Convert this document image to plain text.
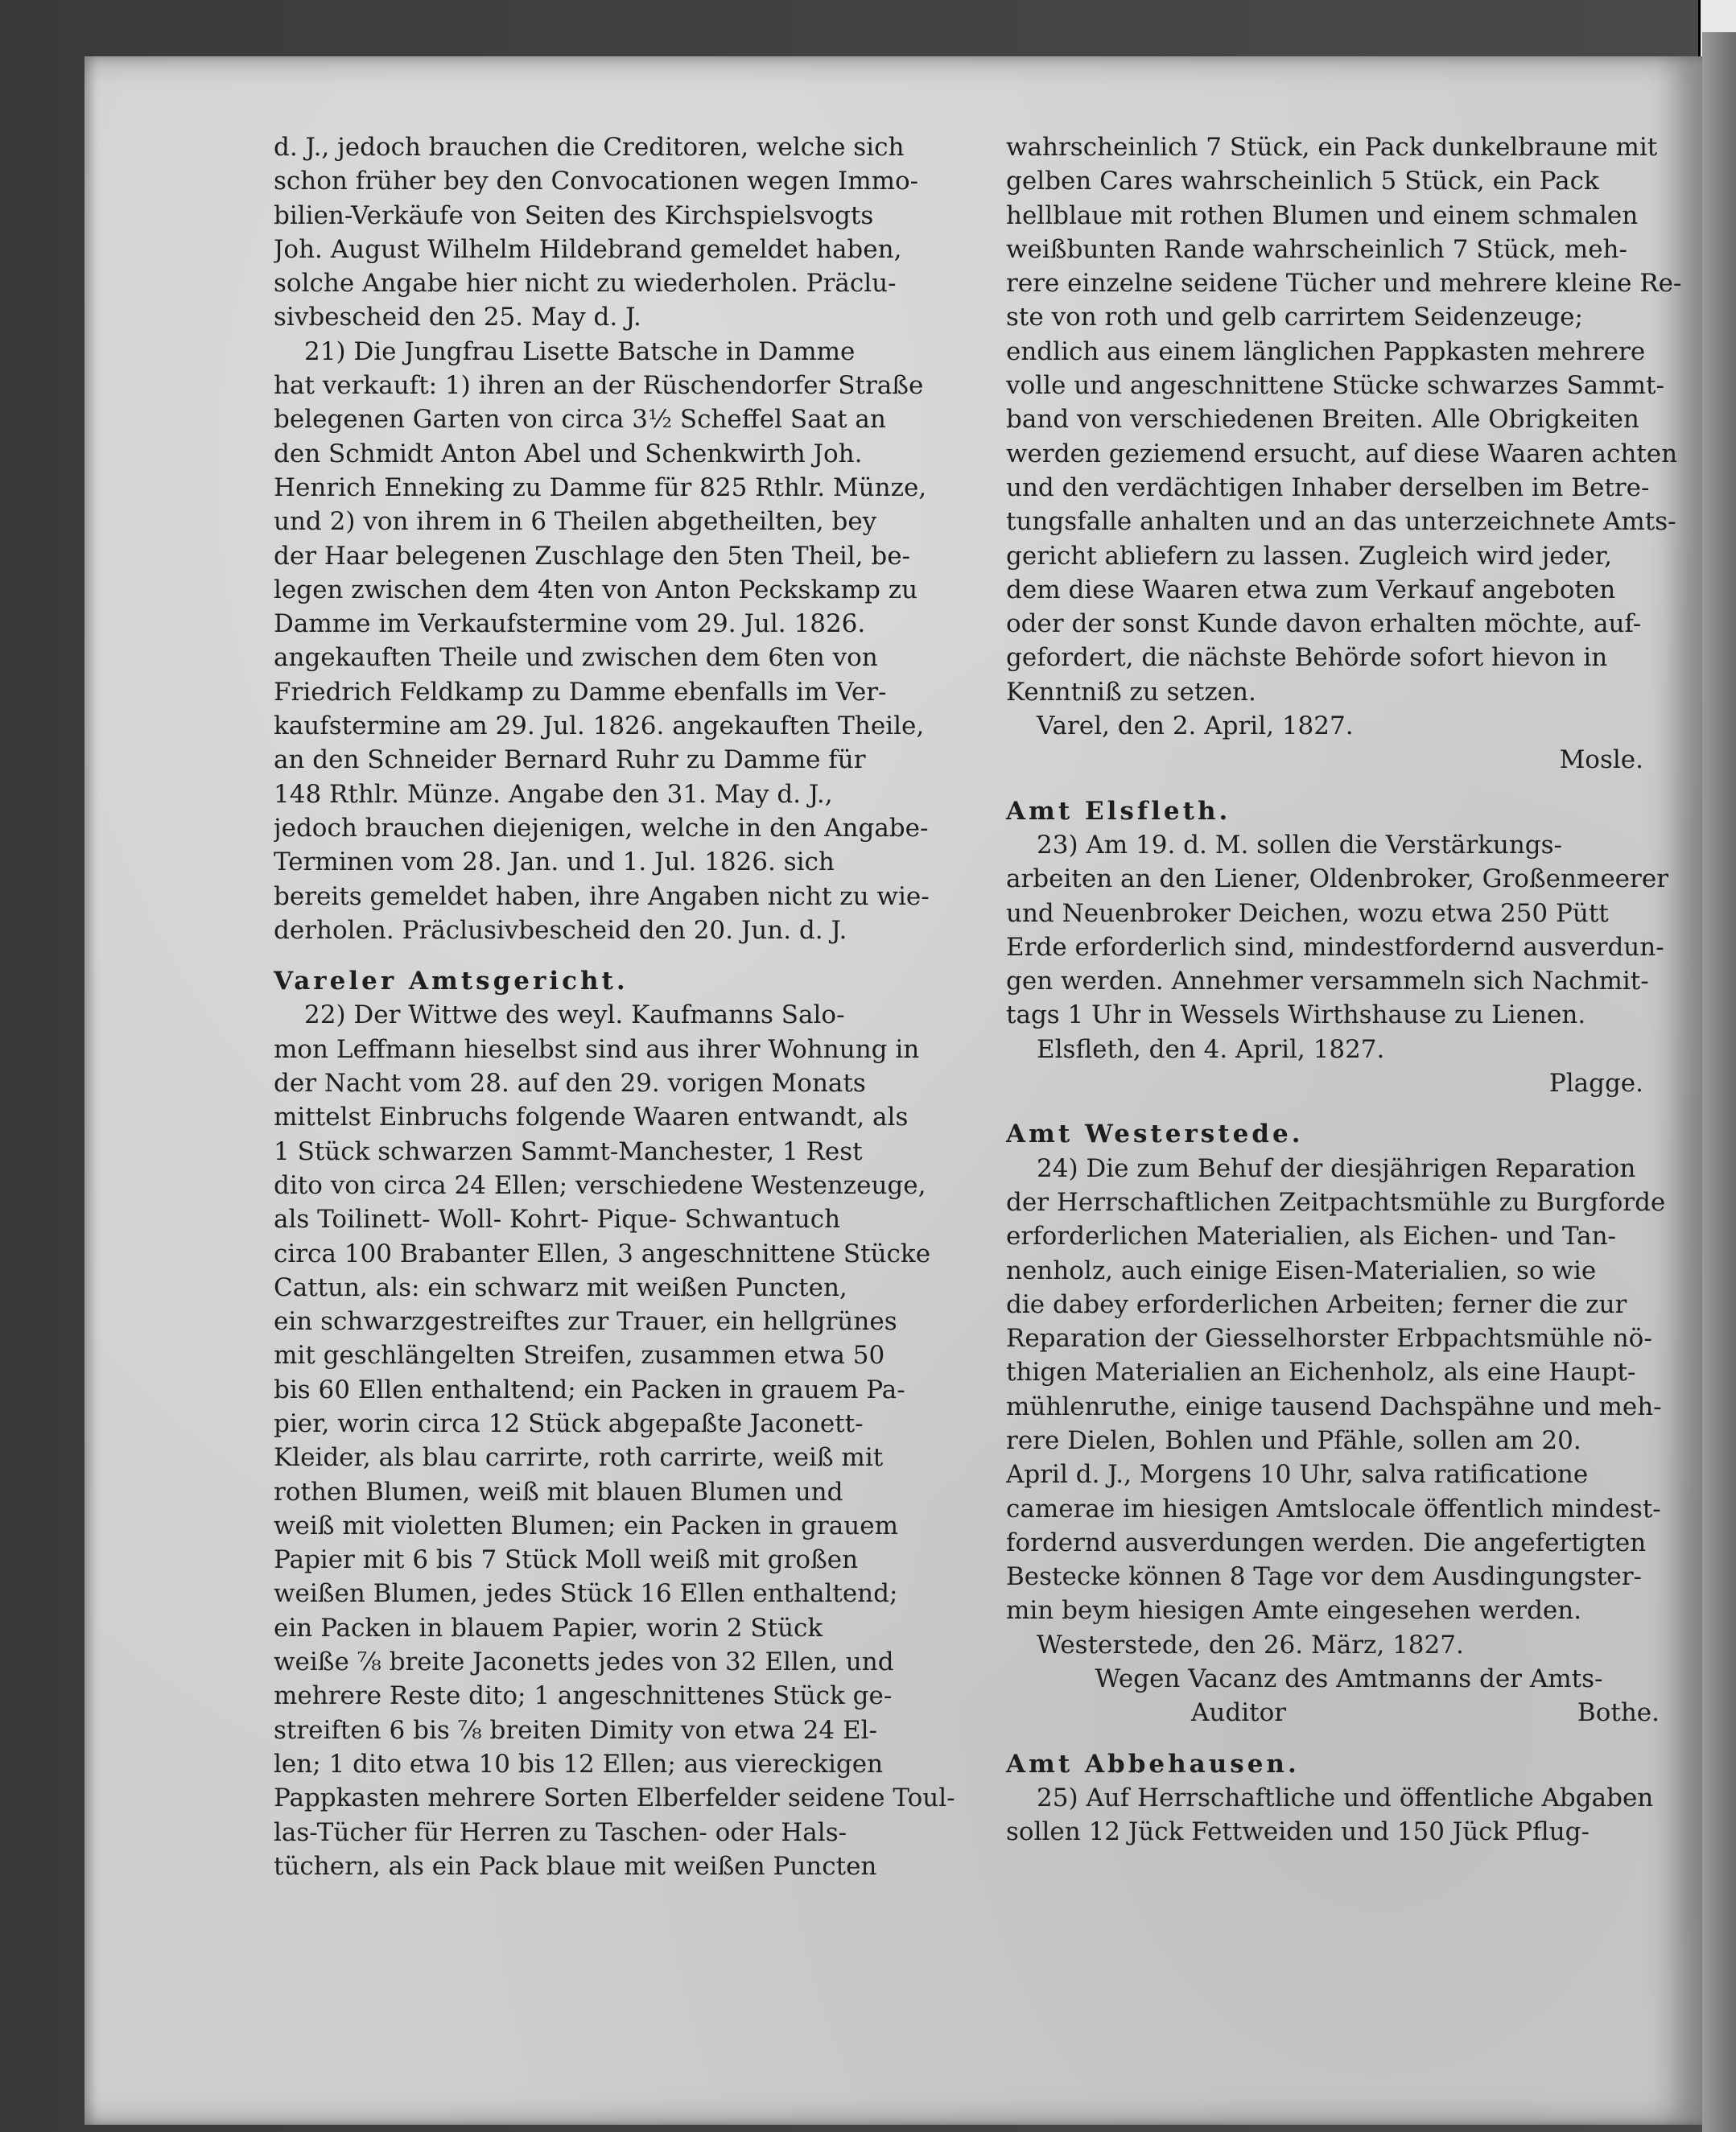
d. J., jedoch brauchen die Creditoren, welche sich
schon früher bey den Convocationen wegen Immo-
bilien-Verkäufe von Seiten des Kirchspielsvogts
Joh. August Wilhelm Hildebrand gemeldet haben,
solche Angabe hier nicht zu wiederholen. Präclu-
sivbescheid den 25. May d. J.
21) Die Jungfrau Lisette Batsche in Damme
hat verkauft: 1) ihren an der Rüschendorfer Straße
belegenen Garten von circa 3½ Scheffel Saat an
den Schmidt Anton Abel und Schenkwirth Joh.
Henrich Enneking zu Damme für 825 Rthlr. Münze,
und 2) von ihrem in 6 Theilen abgetheilten, bey
der Haar belegenen Zuschlage den 5ten Theil, be-
legen zwischen dem 4ten von Anton Peckskamp zu
Damme im Verkaufstermine vom 29. Jul. 1826.
angekauften Theile und zwischen dem 6ten von
Friedrich Feldkamp zu Damme ebenfalls im Ver-
kaufstermine am 29. Jul. 1826. angekauften Theile,
an den Schneider Bernard Ruhr zu Damme für
148 Rthlr. Münze. Angabe den 31. May d. J.,
jedoch brauchen diejenigen, welche in den Angabe-
Terminen vom 28. Jan. und 1. Jul. 1826. sich
bereits gemeldet haben, ihre Angaben nicht zu wie-
derholen. Präclusivbescheid den 20. Jun. d. J.
Vareler Amtsgericht.
22) Der Wittwe des weyl. Kaufmanns Salo-
mon Leffmann hieselbst sind aus ihrer Wohnung in
der Nacht vom 28. auf den 29. vorigen Monats
mittelst Einbruchs folgende Waaren entwandt, als
1 Stück schwarzen Sammt-Manchester, 1 Rest
dito von circa 24 Ellen; verschiedene Westenzeuge,
als Toilinett- Woll- Kohrt- Pique- Schwantuch
circa 100 Brabanter Ellen, 3 angeschnittene Stücke
Cattun, als: ein schwarz mit weißen Puncten,
ein schwarzgestreiftes zur Trauer, ein hellgrünes
mit geschlängelten Streifen, zusammen etwa 50
bis 60 Ellen enthaltend; ein Packen in grauem Pa-
pier, worin circa 12 Stück abgepaßte Jaconett-
Kleider, als blau carrirte, roth carrirte, weiß mit
rothen Blumen, weiß mit blauen Blumen und
weiß mit violetten Blumen; ein Packen in grauem
Papier mit 6 bis 7 Stück Moll weiß mit großen
weißen Blumen, jedes Stück 16 Ellen enthaltend;
ein Packen in blauem Papier, worin 2 Stück
weiße ⅞ breite Jaconetts jedes von 32 Ellen, und
mehrere Reste dito; 1 angeschnittenes Stück ge-
streiften 6 bis ⅞ breiten Dimity von etwa 24 El-
len; 1 dito etwa 10 bis 12 Ellen; aus viereckigen
Pappkasten mehrere Sorten Elberfelder seidene Toul-
las-Tücher für Herren zu Taschen- oder Hals-
tüchern, als ein Pack blaue mit weißen Puncten
wahrscheinlich 7 Stück, ein Pack dunkelbraune mit
gelben Cares wahrscheinlich 5 Stück, ein Pack
hellblaue mit rothen Blumen und einem schmalen
weißbunten Rande wahrscheinlich 7 Stück, meh-
rere einzelne seidene Tücher und mehrere kleine Re-
ste von roth und gelb carrirtem Seidenzeuge;
endlich aus einem länglichen Pappkasten mehrere
volle und angeschnittene Stücke schwarzes Sammt-
band von verschiedenen Breiten. Alle Obrigkeiten
werden geziemend ersucht, auf diese Waaren achten
und den verdächtigen Inhaber derselben im Betre-
tungsfalle anhalten und an das unterzeichnete Amts-
gericht abliefern zu lassen. Zugleich wird jeder,
dem diese Waaren etwa zum Verkauf angeboten
oder der sonst Kunde davon erhalten möchte, auf-
gefordert, die nächste Behörde sofort hievon in
Kenntniß zu setzen.
Varel, den 2. April, 1827.
Mosle.
Amt Elsfleth.
23) Am 19. d. M. sollen die Verstärkungs-
arbeiten an den Liener, Oldenbroker, Großenmeerer
und Neuenbroker Deichen, wozu etwa 250 Pütt
Erde erforderlich sind, mindestfordernd ausverdun-
gen werden. Annehmer versammeln sich Nachmit-
tags 1 Uhr in Wessels Wirthshause zu Lienen.
Elsfleth, den 4. April, 1827.
Plagge.
Amt Westerstede.
24) Die zum Behuf der diesjährigen Reparation
der Herrschaftlichen Zeitpachtsmühle zu Burgforde
erforderlichen Materialien, als Eichen- und Tan-
nenholz, auch einige Eisen-Materialien, so wie
die dabey erforderlichen Arbeiten; ferner die zur
Reparation der Giesselhorster Erbpachtsmühle nö-
thigen Materialien an Eichenholz, als eine Haupt-
mühlenruthe, einige tausend Dachspähne und meh-
rere Dielen, Bohlen und Pfähle, sollen am 20.
April d. J., Morgens 10 Uhr, salva ratificatione
camerae im hiesigen Amtslocale öffentlich mindest-
fordernd ausverdungen werden. Die angefertigten
Bestecke können 8 Tage vor dem Ausdingungster-
min beym hiesigen Amte eingesehen werden.
Westerstede, den 26. März, 1827.
Wegen Vacanz des Amtmanns der Amts-
Auditor	Bothe.
Amt Abbehausen.
25) Auf Herrschaftliche und öffentliche Abgaben
sollen 12 Jück Fettweiden und 150 Jück Pflug-
